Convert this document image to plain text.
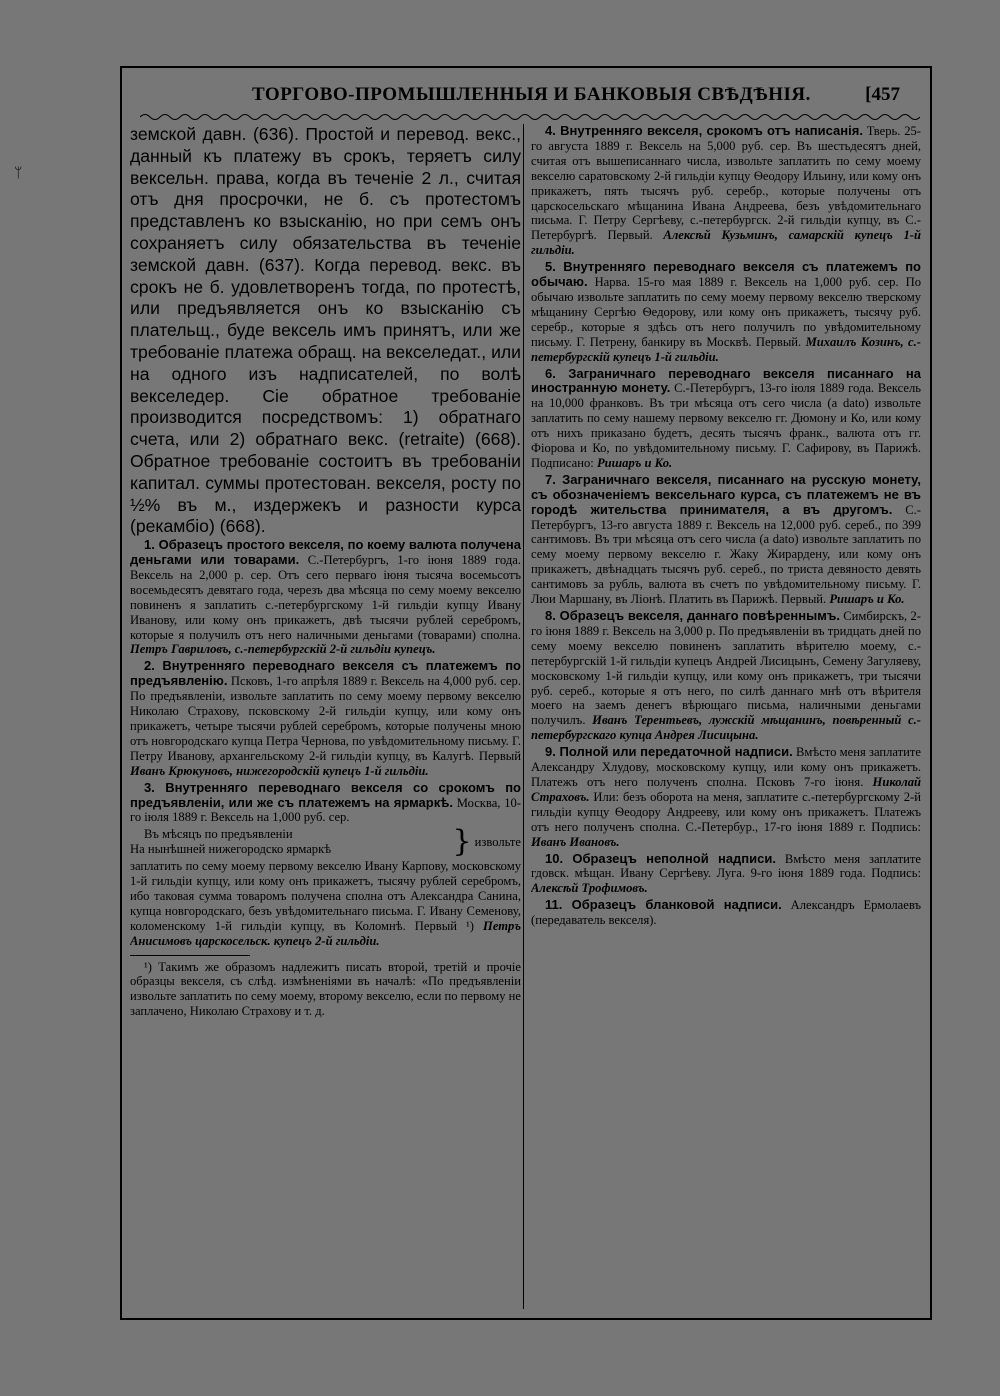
ᛘ
ТОРГОВО-ПРОМЫШЛЕННЫЯ И БАНКОВЫЯ СВѢДѢНІЯ.	[457

земской давн. (636). Простой и перевод. векс., данный къ платежу въ срокъ, теряетъ силу вексельн. права, когда въ теченіе 2 л., считая отъ дня просрочки, не б. съ протестомъ представленъ ко взысканію, но при семъ онъ сохраняетъ силу обязательства въ теченіе земской давн. (637). Когда перевод. векс. въ срокъ не б. удовлетворенъ тогда, по протестѣ, или предъявляется онъ ко взысканію съ плательщ., буде вексель имъ принятъ, или же требованіе платежа обращ. на векселедат., или на одного изъ надписателей, по волѣ векселедер. Сіе обратное требованіе производится посредствомъ: 1) обратнаго счета, или 2) обратнаго векс. (retraite) (668). Обратное требованіе состоитъ въ требованіи капитал. суммы протестован. векселя, росту по ½% въ м., издержекъ и разности курса (рекамбіо) (668).

1. Образецъ простого векселя, по коему валюта получена деньгами или товарами. С.-Петербургъ, 1-го іюня 1889 года. Вексель на 2,000 р. сер. Отъ сего перваго іюня тысяча восемьсотъ восемьдесятъ девятаго года, черезъ два мѣсяца по сему моему векселю повиненъ я заплатить с.-петербургскому 1-й гильдіи купцу Ивану Иванову, или кому онъ прикажетъ, двѣ тысячи рублей серебромъ, которые я получилъ отъ него наличными деньгами (товарами) сполна. Петръ Гавриловъ, с.-петербургскій 2-й гильдіи купецъ.
2. Внутренняго переводнаго векселя съ платежемъ по предъявленію. Псковъ, 1-го апрѣля 1889 г. Вексель на 4,000 руб. сер. По предъявленіи, извольте заплатить по сему моему первому векселю Николаю Страхову, псковскому 2-й гильдіи купцу, или кому онъ прикажетъ, четыре тысячи рублей серебромъ, которые получены мною отъ новгородскаго купца Петра Чернова, по увѣдомительному письму. Г. Петру Иванову, архангельскому 2-й гильдіи купцу, въ Калугѣ. Первый Иванъ Крюкуновъ, нижегородскій купецъ 1-й гильдіи.
3. Внутренняго переводнаго векселя со срокомъ по предъявленіи, или же съ платежемъ на ярмаркѣ. Москва, 10-го іюля 1889 г. Вексель на 1,000 руб. сер.
Въ мѣсяцъ по предъявленіи
На нынѣшней нижегородско ярмаркѣ	} извольте
заплатить по сему моему первому векселю Ивану Карпову, московскому 1-й гильдіи купцу, или кому онъ прикажетъ, тысячу рублей серебромъ, ибо таковая сумма товаромъ получена сполна отъ Александра Санина, купца новгородскаго, безъ увѣдомительнаго письма. Г. Ивану Семенову, коломенскому 1-й гильдіи купцу, въ Коломнѣ. Первый ¹) Петръ Анисимовъ царскосельск. купецъ 2-й гильдіи.
¹) Такимъ же образомъ надлежитъ писать второй, третій и прочіе образцы векселя, съ слѣд. измѣненіями въ началѣ: «По предъявленіи извольте заплатить по сему моему, второму векселю, если по первому не заплачено, Николаю Страхову и т. д.
4. Внутренняго векселя, срокомъ отъ написанія. Тверь. 25-го августа 1889 г. Вексель на 5,000 руб. сер. Въ шестьдесятъ дней, считая отъ вышеписаннаго числа, извольте заплатить по сему моему векселю саратовскому 2-й гильдіи купцу Ѳеодору Ильину, или кому онъ прикажетъ, пять тысячъ руб. серебр., которые получены отъ царскосельскаго мѣщанина Ивана Андреева, безъ увѣдомительнаго письма. Г. Петру Сергѣеву, с.-петербургск. 2-й гильдіи купцу, въ С.-Петербургѣ. Первый. Алексѣй Кузьминъ, самарскій купецъ 1-й гильдіи.
5. Внутренняго переводнаго векселя съ платежемъ по обычаю. Нарва. 15-го мая 1889 г. Вексель на 1,000 руб. сер. По обычаю извольте заплатить по сему моему первому векселю тверскому мѣщанину Сергѣю Ѳедорову, или кому онъ прикажетъ, тысячу руб. серебр., которые я здѣсь отъ него получилъ по увѣдомительному письму. Г. Петрену, банкиру въ Москвѣ. Первый. Михаилъ Козинъ, с.-петербургскій купецъ 1-й гильдіи.
6. Заграничнаго переводнаго векселя писаннаго на иностранную монету. С.-Петербургъ, 13-го іюля 1889 года. Вексель на 10,000 франковъ. Въ три мѣсяца отъ сего числа (a dato) извольте заплатить по сему нашему первому векселю гг. Дюмону и Ко, или кому отъ нихъ приказано будетъ, десять тысячъ франк., валюта отъ гг. Фіорова и Ко, по увѣдомительному письму. Г. Сафирову, въ Парижѣ. Подписано: Ришаръ и Ко.
7. Заграничнаго векселя, писаннаго на русскую монету, съ обозначеніемъ вексельнаго курса, съ платежемъ не въ городѣ жительства принимателя, а въ другомъ. С.-Петербургъ, 13-го августа 1889 г. Вексель на 12,000 руб. сереб., по 399 сантимовъ. Въ три мѣсяца отъ сего числа (a dato) извольте заплатить по сему моему первому векселю г. Жаку Жирардену, или кому онъ прикажетъ, двѣнадцать тысячъ руб. сереб., по триста девяносто девять сантимовъ за рубль, валюта въ счетъ по увѣдомительному письму. Г. Люи Маршану, въ Ліонѣ. Платить въ Парижѣ. Первый. Ришаръ и Ко.
8. Образецъ векселя, даннаго повѣреннымъ. Симбирскъ, 2-го іюня 1889 г. Вексель на 3,000 р. По предъявленіи въ тридцать дней по сему моему векселю повиненъ заплатить вѣрителю моему, с.-петербургскій 1-й гильдіи купецъ Андрей Лисицынъ, Семену Загуляеву, московскому 1-й гильдіи купцу, или кому онъ прикажетъ, три тысячи руб. сереб., которые я отъ него, по силѣ даннаго мнѣ отъ вѣрителя моего на заемъ денегъ вѣрющаго письма, наличными деньгами получилъ. Иванъ Терентьевъ, лужскій мѣщанинъ, повѣренный с.-петербургскаго купца Андрея Лисицына.
9. Полной или передаточной надписи. Вмѣсто меня заплатите Александру Хлудову, московскому купцу, или кому онъ прикажетъ. Платежъ отъ него полученъ сполна. Псковъ 7-го іюня. Николай Страховъ. Или: безъ оборота на меня, заплатите с.-петербургскому 2-й гильдіи купцу Ѳеодору Андрееву, или кому онъ прикажетъ. Платежъ отъ него полученъ сполна. С.-Петербур., 17-го іюня 1889 г. Подпись: Иванъ Ивановъ.
10. Образецъ неполной надписи. Вмѣсто меня заплатите гдовск. мѣщан. Ивану Сергѣеву. Луга. 9-го іюня 1889 года. Подпись: Алексѣй Трофимовъ.
11. Образецъ бланковой надписи. Александръ Ермолаевъ (передаватель векселя).
